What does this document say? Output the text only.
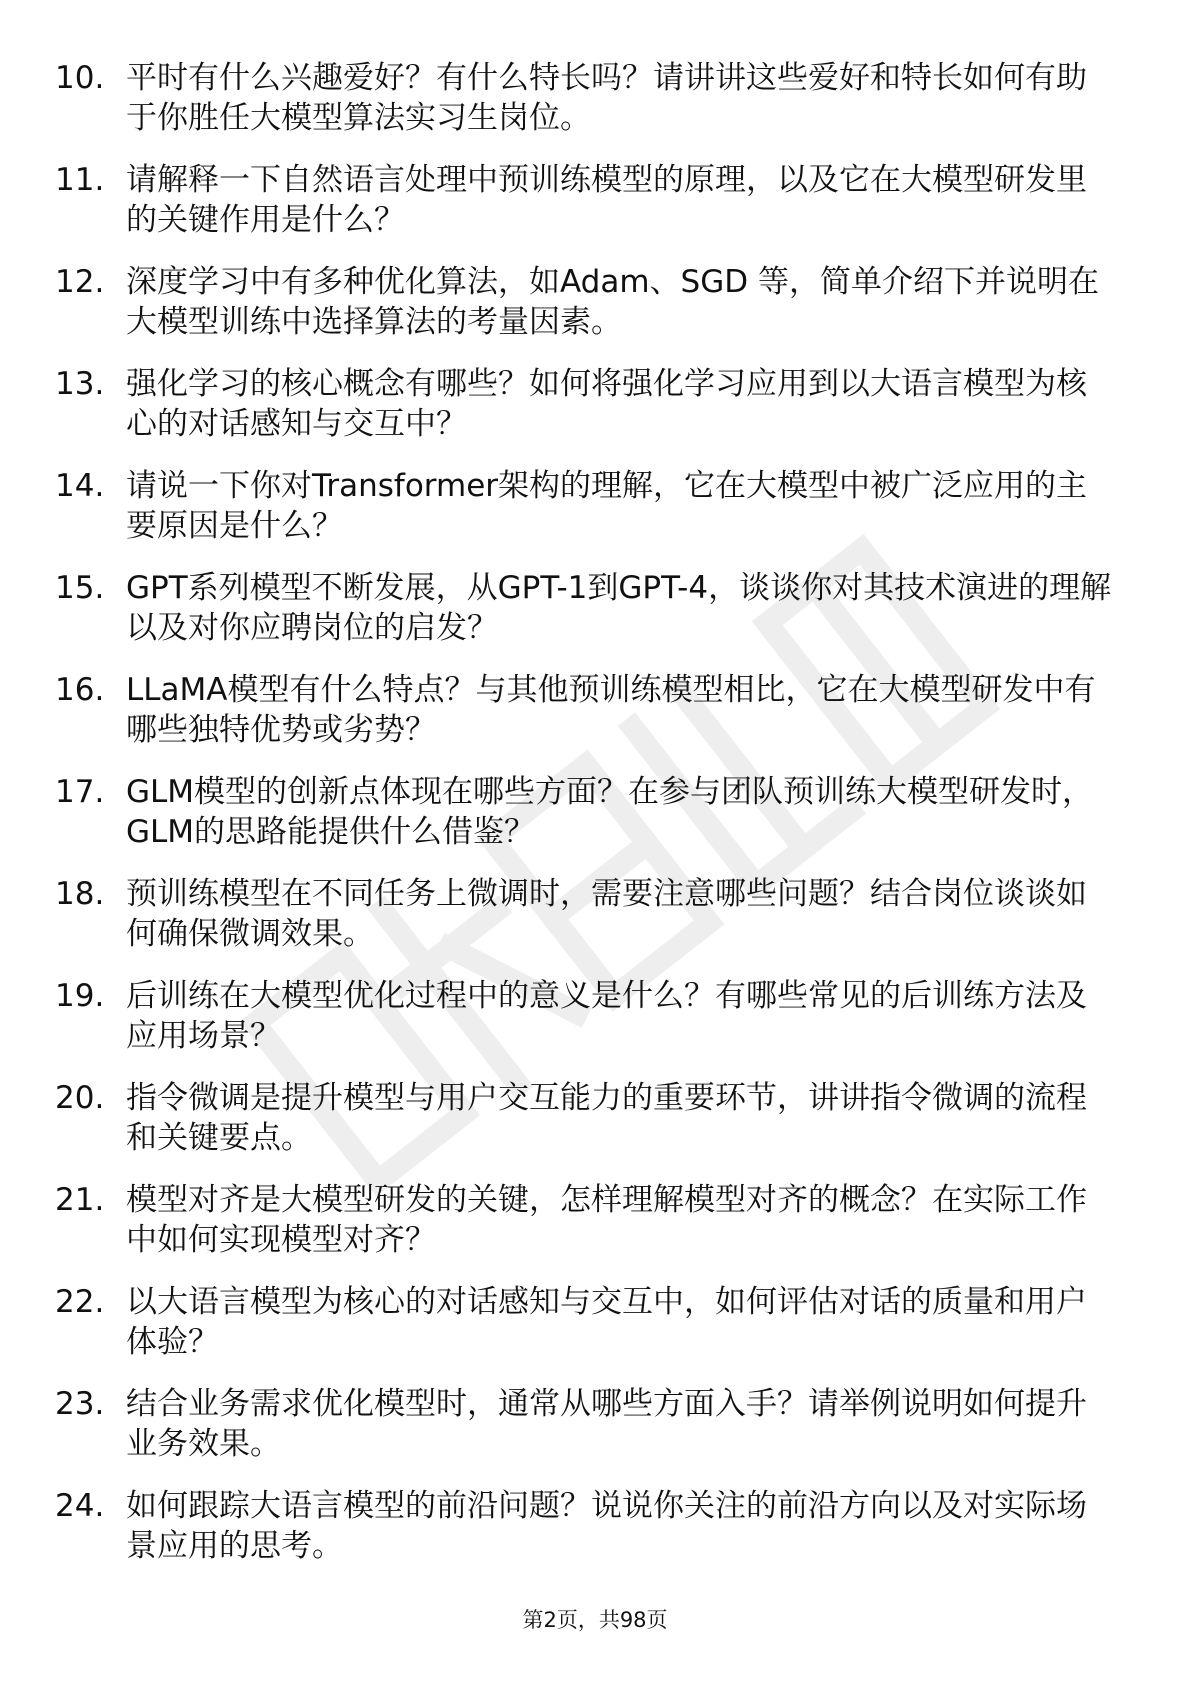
10. 平时有什么兴趣爱好？有什么特长吗？请讲讲这些爱好和特长如何有助于你胜任大模型算法实习生岗位。
11. 请解释一下自然语言处理中预训练模型的原理，以及它在大模型研发里的关键作用是什么？
12. 深度学习中有多种优化算法，如Adam、SGD 等，简单介绍下并说明在大模型训练中选择算法的考量因素。
13. 强化学习的核心概念有哪些？如何将强化学习应用到以大语言模型为核心的对话感知与交互中？
14. 请说一下你对Transformer架构的理解，它在大模型中被广泛应用的主要原因是什么？
15. GPT系列模型不断发展，从GPT-1到GPT-4，谈谈你对其技术演进的理解以及对你应聘岗位的启发？
16. LLaMA模型有什么特点？与其他预训练模型相比，它在大模型研发中有哪些独特优势或劣势？
17. GLM模型的创新点体现在哪些方面？在参与团队预训练大模型研发时，GLM的思路能提供什么借鉴？
18. 预训练模型在不同任务上微调时，需要注意哪些问题？结合岗位谈谈如何确保微调效果。
19. 后训练在大模型优化过程中的意义是什么？有哪些常见的后训练方法及应用场景？
20. 指令微调是提升模型与用户交互能力的重要环节，讲讲指令微调的流程和关键要点。
21. 模型对齐是大模型研发的关键，怎样理解模型对齐的概念？在实际工作中如何实现模型对齐？
22. 以大语言模型为核心的对话感知与交互中，如何评估对话的质量和用户体验？
23. 结合业务需求优化模型时，通常从哪些方面入手？请举例说明如何提升业务效果。
24. 如何跟踪大语言模型的前沿问题？说说你关注的前沿方向以及对实际场景应用的思考。
第2页，共98页
